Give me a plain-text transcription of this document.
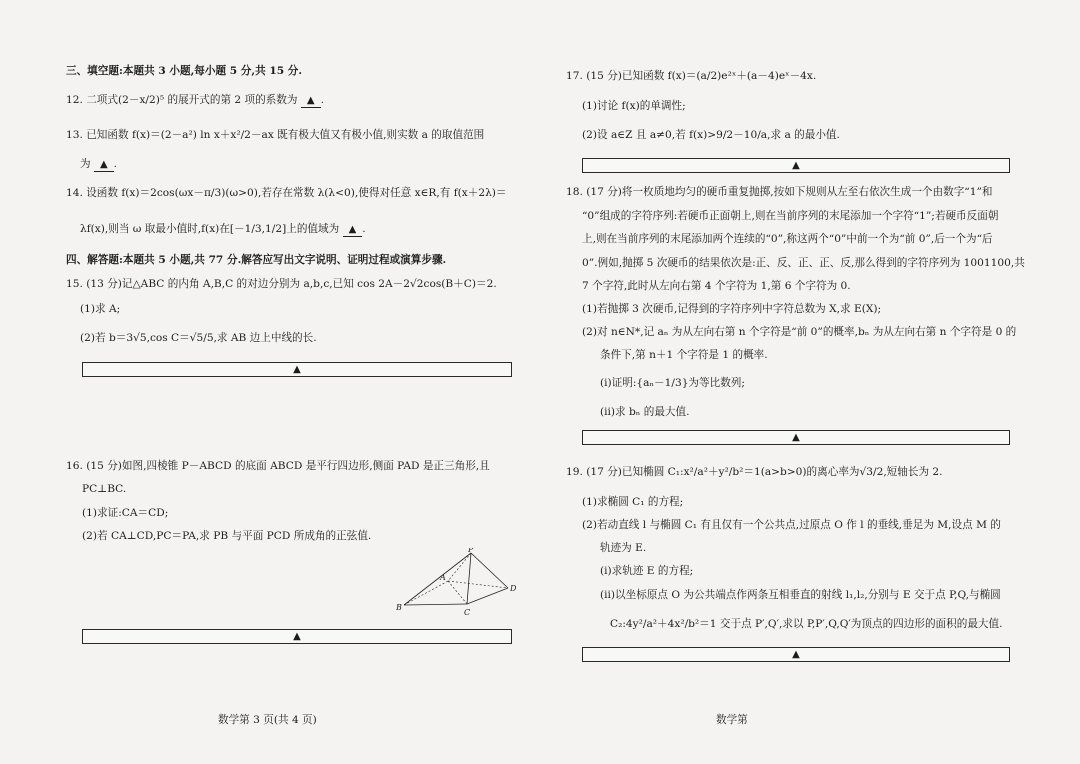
三、填空题:本题共 3 小题,每小题 5 分,共 15 分.
12. 二项式(2－x/2)⁵ 的展开式的第 2 项的系数为 ▲ .
13. 已知函数 f(x)＝(2－a²) ln x＋x²/2－ax 既有极大值又有极小值,则实数 a 的取值范围
为 ▲ .
14. 设函数 f(x)＝2cos(ωx－π/3)(ω>0),若存在常数 λ(λ<0),使得对任意 x∈R,有 f(x＋2λ)＝
λf(x),则当 ω 取最小值时,f(x)在[－1/3,1/2]上的值域为 ▲ .
四、解答题:本题共 5 小题,共 77 分.解答应写出文字说明、证明过程或演算步骤.
15. (13 分)记△ABC 的内角 A,B,C 的对边分别为 a,b,c,已知 cos 2A－2√2cos(B＋C)＝2.
(1)求 A;
(2)若 b＝3√5,cos C＝√5/5,求 AB 边上中线的长.
▲
16. (15 分)如图,四棱锥 P－ABCD 的底面 ABCD 是平行四边形,侧面 PAD 是正三角形,且
PC⊥BC.
(1)求证:CA＝CD;
(2)若 CA⊥CD,PC＝PA,求 PB 与平面 PCD 所成角的正弦值.
P
A
B
C
D
▲
数学第 3 页(共 4 页)
17. (15 分)已知函数 f(x)＝(a/2)e²ˣ＋(a－4)eˣ－4x.
(1)讨论 f(x)的单调性;
(2)设 a∈Z 且 a≠0,若 f(x)>9/2－10/a,求 a 的最小值.
▲
18. (17 分)将一枚质地均匀的硬币重复抛掷,按如下规则从左至右依次生成一个由数字“1”和
“0”组成的字符序列:若硬币正面朝上,则在当前序列的末尾添加一个字符“1”;若硬币反面朝
上,则在当前序列的末尾添加两个连续的“0”,称这两个“0”中前一个为“前 0”,后一个为“后
0”.例如,抛掷 5 次硬币的结果依次是:正、反、正、正、反,那么得到的字符序列为 1001100,共
7 个字符,此时从左向右第 4 个字符为 1,第 6 个字符为 0.
(1)若抛掷 3 次硬币,记得到的字符序列中字符总数为 X,求 E(X);
(2)对 n∈N*,记 aₙ 为从左向右第 n 个字符是“前 0”的概率,bₙ 为从左向右第 n 个字符是 0 的
条件下,第 n＋1 个字符是 1 的概率.
(i)证明:{aₙ－1/3}为等比数列;
(ii)求 bₙ 的最大值.
▲
19. (17 分)已知椭圆 C₁:x²/a²＋y²/b²＝1(a>b>0)的离心率为√3/2,短轴长为 2.
(1)求椭圆 C₁ 的方程;
(2)若动直线 l 与椭圆 C₁ 有且仅有一个公共点,过原点 O 作 l 的垂线,垂足为 M,设点 M 的
轨迹为 E.
(i)求轨迹 E 的方程;
(ii)以坐标原点 O 为公共端点作两条互相垂直的射线 l₁,l₂,分别与 E 交于点 P,Q,与椭圆
C₂:4y²/a²＋4x²/b²＝1 交于点 P′,Q′,求以 P,P′,Q,Q′为顶点的四边形的面积的最大值.
▲
数学第
